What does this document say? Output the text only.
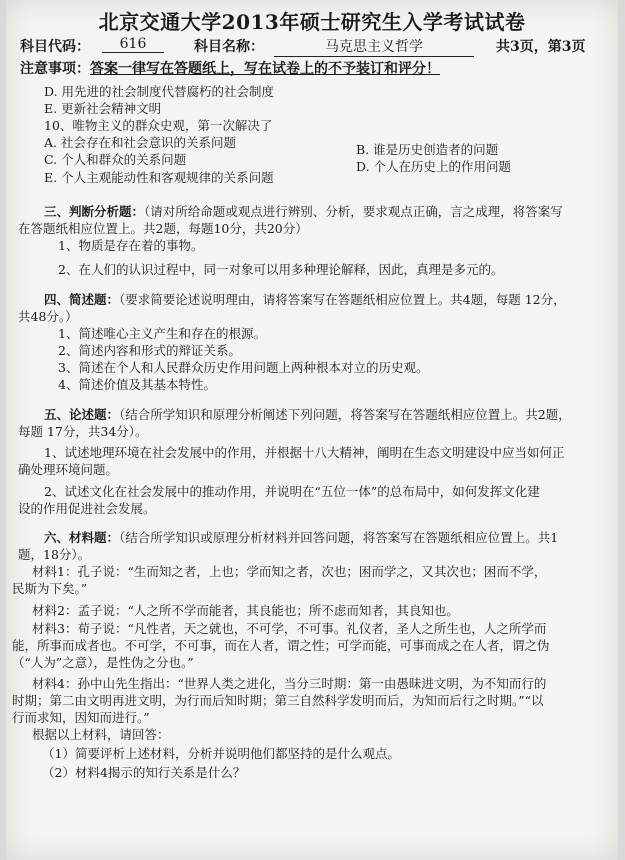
北京交通大学2013年硕士研究生入学考试试卷
科目代码：	616	科目名称：	马克思主义哲学	共3页，第3页
注意事项：答案一律写在答题纸上，写在试卷上的不予装订和评分！
D. 用先进的社会制度代替腐朽的社会制度
E. 更新社会精神文明
10、唯物主义的群众史观，第一次解决了
A. 社会存在和社会意识的关系问题	B. 谁是历史创造者的问题
C. 个人和群众的关系问题	D. 个人在历史上的作用问题
E. 个人主观能动性和客观规律的关系问题
三、判断分析题：（请对所给命题或观点进行辨别、分析，要求观点正确，言之成理，将答案写
在答题纸相应位置上。共2题，每题10分，共20分）
1、物质是存在着的事物。
2、在人们的认识过程中，同一对象可以用多种理论解释，因此，真理是多元的。
四、简述题：（要求简要论述说明理由，请将答案写在答题纸相应位置上。共4题，每题 12分，
共48分。）
1、简述唯心主义产生和存在的根源。
2、简述内容和形式的辩证关系。
3、简述在个人和人民群众历史作用问题上两种根本对立的历史观。
4、简述价值及其基本特性。
五、论述题：（结合所学知识和原理分析阐述下列问题，将答案写在答题纸相应位置上。共2题，
每题 17分，共34分）。
1、试述地理环境在社会发展中的作用，并根据十八大精神，阐明在生态文明建设中应当如何正
确处理环境问题。
2、试述文化在社会发展中的推动作用，并说明在“五位一体”的总布局中，如何发挥文化建
设的作用促进社会发展。
六、材料题：（结合所学知识或原理分析材料并回答问题，将答案写在答题纸相应位置上。共1
题，18分）。
材料1：孔子说：“生而知之者，上也；学而知之者，次也；困而学之，又其次也；困而不学，
民斯为下矣。”
材料2：孟子说：“人之所不学而能者，其良能也；所不虑而知者，其良知也。
材料3：荀子说：“凡性者，天之就也，不可学，不可事。礼仪者，圣人之所生也，人之所学而
能，所事而成者也。不可学，不可事，而在人者，谓之性；可学而能，可事而成之在人者，谓之伪
（“人为”之意），是性伪之分也。”
材料4：孙中山先生指出：“世界人类之进化，当分三时期：第一由愚昧进文明，为不知而行的
时期；第二由文明再进文明，为行而后知时期；第三自然科学发明而后，为知而后行之时期。”“以
行而求知，因知而进行。”
根据以上材料，请回答：
（1）简要评析上述材料，分析并说明他们都坚持的是什么观点。
（2）材料4揭示的知行关系是什么？
